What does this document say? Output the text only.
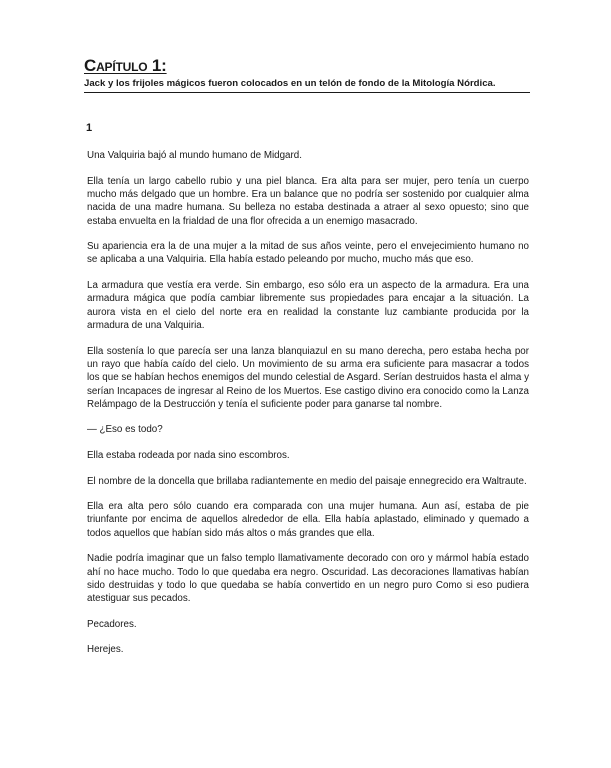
Capítulo 1:

Jack y los frijoles mágicos fueron colocados en un telón de fondo de la Mitología Nórdica.

1

Una Valquiria bajó al mundo humano de Midgard.

Ella tenía un largo cabello rubio y una piel blanca. Era alta para ser mujer, pero tenía un cuerpo mucho más delgado que un hombre. Era un balance que no podría ser sostenido por cualquier alma nacida de una madre humana. Su belleza no estaba destinada a atraer al sexo opuesto; sino que estaba envuelta en la frialdad de una flor ofrecida a un enemigo masacrado.

Su apariencia era la de una mujer a la mitad de sus años veinte, pero el envejecimiento humano no se aplicaba a una Valquiria. Ella había estado peleando por mucho, mucho más que eso.

La armadura que vestía era verde. Sin embargo, eso sólo era un aspecto de la armadura. Era una armadura mágica que podía cambiar libremente sus propiedades para encajar a la situación. La aurora vista en el cielo del norte era en realidad la constante luz cambiante producida por la armadura de una Valquiria.

Ella sostenía lo que parecía ser una lanza blanquiazul en su mano derecha, pero estaba hecha por un rayo que había caído del cielo. Un movimiento de su arma era suficiente para masacrar a todos los que se habían hechos enemigos del mundo celestial de Asgard. Serían destruidos hasta el alma y serían Incapaces de ingresar al Reino de los Muertos. Ese castigo divino era conocido como la Lanza Relámpago de la Destrucción y tenía el suficiente poder para ganarse tal nombre.

— ¿Eso es todo?

Ella estaba rodeada por nada sino escombros.

El nombre de la doncella que brillaba radiantemente en medio del paisaje ennegrecido era Waltraute.

Ella era alta pero sólo cuando era comparada con una mujer humana. Aun así, estaba de pie triunfante por encima de aquellos alrededor de ella. Ella había aplastado, eliminado y quemado a todos aquellos que habían sido más altos o más grandes que ella.

Nadie podría imaginar que un falso templo llamativamente decorado con oro y mármol había estado ahí no hace mucho. Todo lo que quedaba era negro. Oscuridad. Las decoraciones llamativas habían sido destruidas y todo lo que quedaba se había convertido en un negro puro Como si eso pudiera atestiguar sus pecados.

Pecadores.

Herejes.
